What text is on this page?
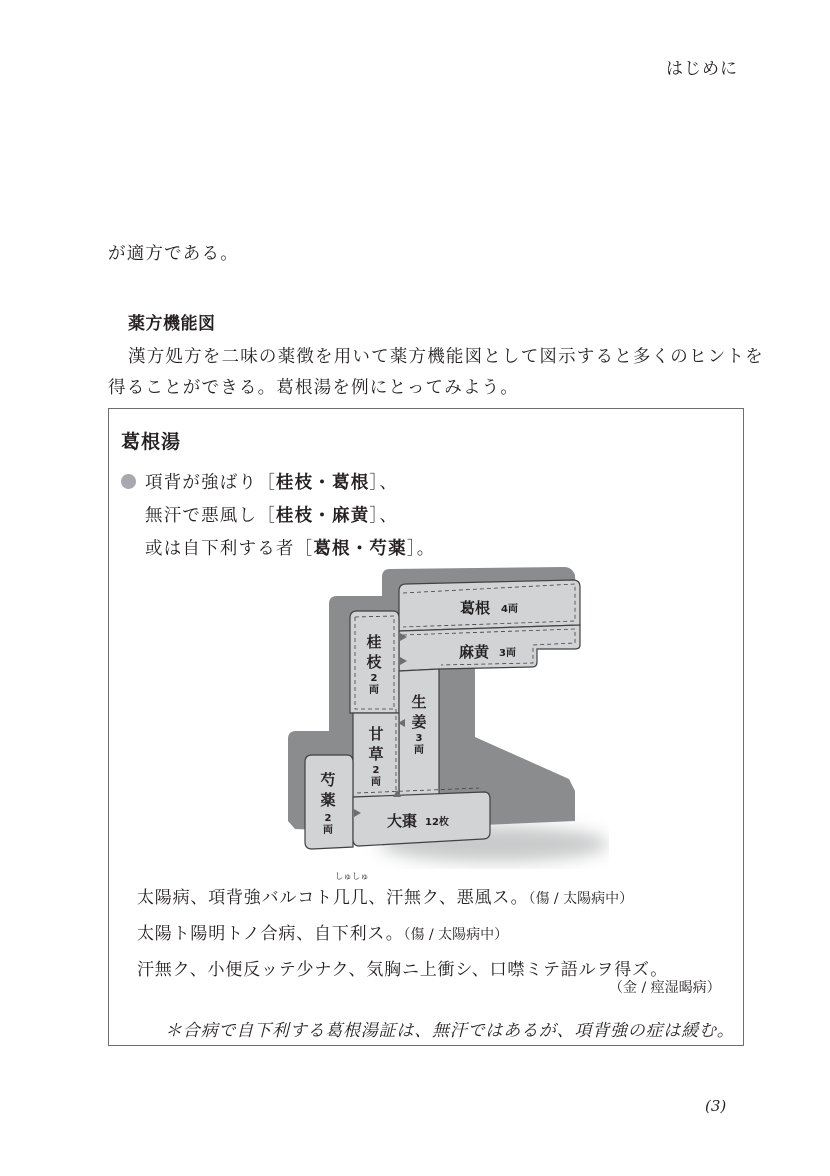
はじめに
が適方である。
薬方機能図
漢方処方を二味の薬徴を用いて薬方機能図として図示すると多くのヒントを
得ることができる。葛根湯を例にとってみよう。
葛根湯
項背が強ばり［桂枝・葛根］、
無汗で悪風し［桂枝・麻黄］、
或は自下利する者［葛根・芍薬］。
葛根 4両
麻黄 3両
桂
枝
2
両
生
姜
3
両
甘
草
2
両
芍
薬
2
両
大棗 12枚
太陽病、項背強バルコト
しゅしゅ
几几、汗無ク、悪風ス。（傷 / 太陽病中）
太陽ト陽明トノ合病、自下利ス。（傷 / 太陽病中）
汗無ク、小便反ッテ少ナク、気胸ニ上衝シ、口噤ミテ語ルヲ得ズ。
（金 / 痙湿暍病）
＊合病で自下利する葛根湯証は、無汗ではあるが、項背強の症は緩む。
(3)
